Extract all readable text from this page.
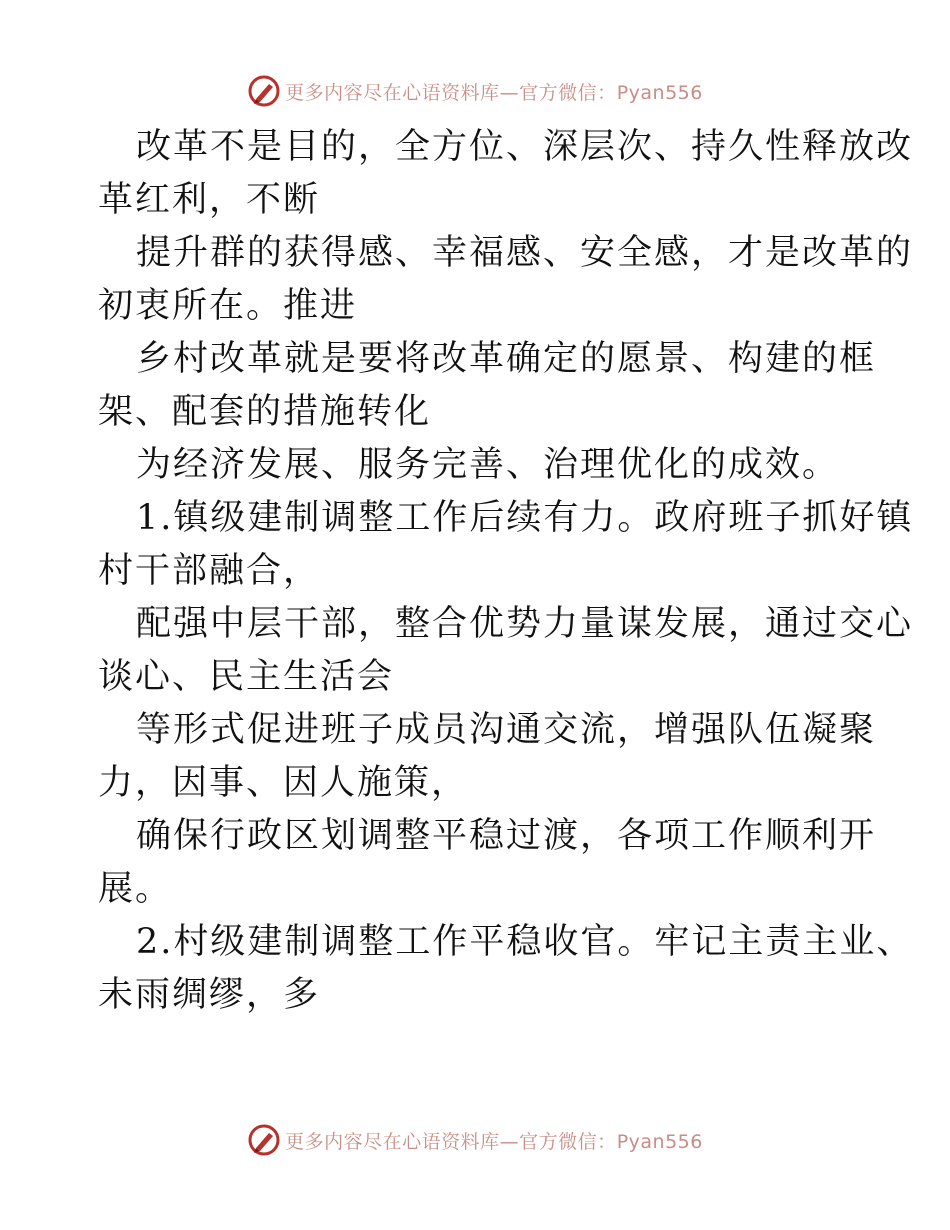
更多内容尽在心语资料库—官方微信：Pyan556

改革不是目的，全方位、深层次、持久性释放改

革红利，不断

提升群的获得感、幸福感、安全感，才是改革的

初衷所在。推进

乡村改革就是要将改革确定的愿景、构建的框

架、配套的措施转化

为经济发展、服务完善、治理优化的成效。

1.镇级建制调整工作后续有力。政府班子抓好镇

村干部融合，

配强中层干部，整合优势力量谋发展，通过交心

谈心、民主生活会

等形式促进班子成员沟通交流，增强队伍凝聚

力，因事、因人施策，

确保行政区划调整平稳过渡，各项工作顺利开

展。

2.村级建制调整工作平稳收官。牢记主责主业、

未雨绸缪，多

更多内容尽在心语资料库—官方微信：Pyan556
